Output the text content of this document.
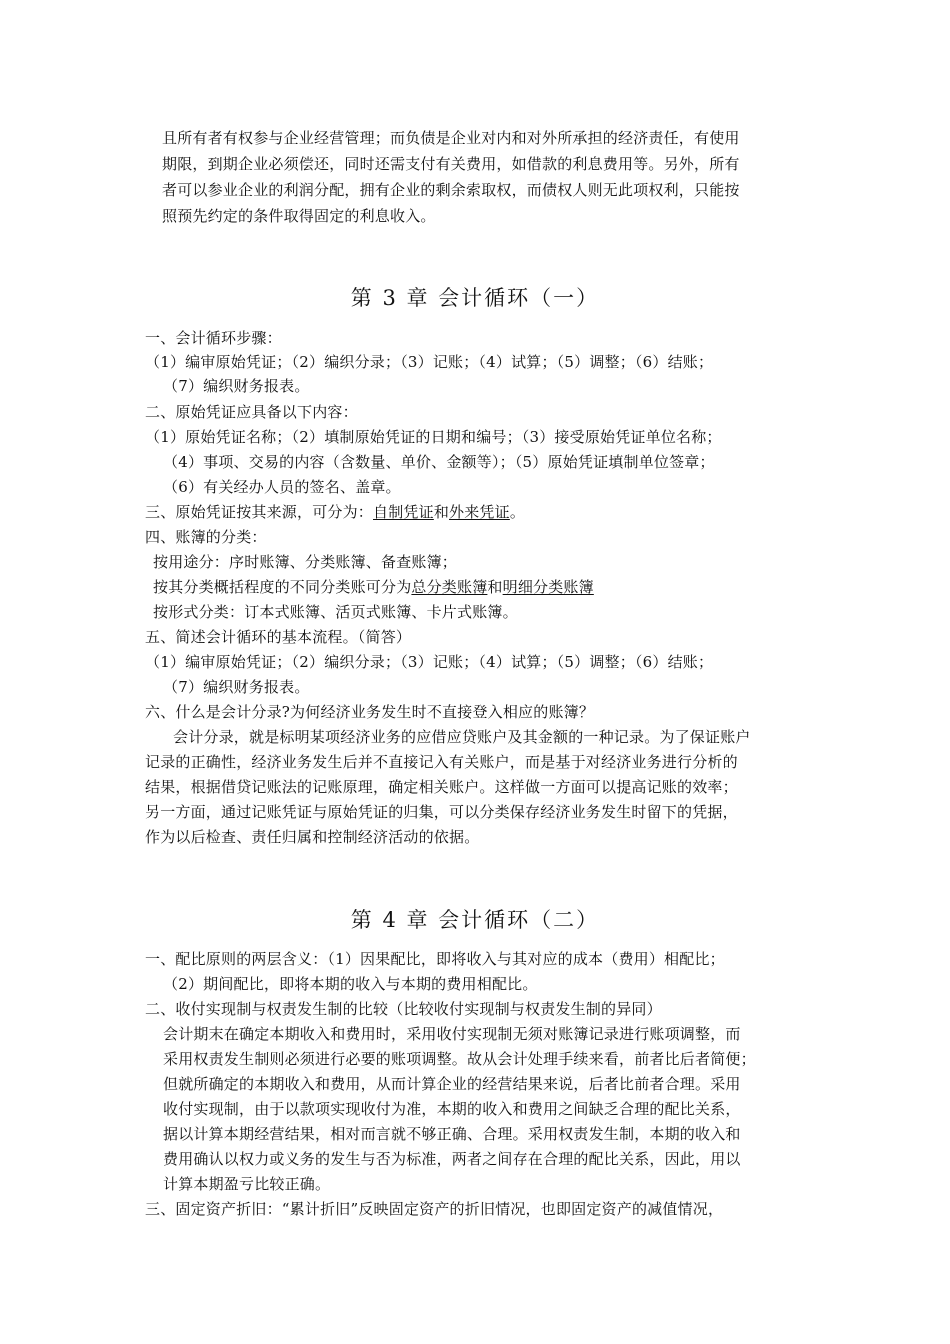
且所有者有权参与企业经营管理；而负债是企业对内和对外所承担的经济责任，有使用
期限，到期企业必须偿还，同时还需支付有关费用，如借款的利息费用等。另外，所有
者可以参业企业的利润分配，拥有企业的剩余索取权，而债权人则无此项权利，只能按
照预先约定的条件取得固定的利息收入。
第 3 章 会计循环（一）
一、会计循环步骤：
（1）编审原始凭证；（2）编织分录；（3）记账；（4）试算；（5）调整；（6）结账；
（7）编织财务报表。
二、原始凭证应具备以下内容：
（1）原始凭证名称；（2）填制原始凭证的日期和编号；（3）接受原始凭证单位名称；
（4）事项、交易的内容（含数量、单价、金额等）；（5）原始凭证填制单位签章；
（6）有关经办人员的签名、盖章。
三、原始凭证按其来源，可分为：自制凭证和外来凭证。
四、账簿的分类：
按用途分：序时账簿、分类账簿、备查账簿；
按其分类概括程度的不同分类账可分为总分类账簿和明细分类账簿
按形式分类：订本式账簿、活页式账簿、卡片式账簿。
五、简述会计循环的基本流程。（简答）
（1）编审原始凭证；（2）编织分录；（3）记账；（4）试算；（5）调整；（6）结账；
（7）编织财务报表。
六、什么是会计分录?为何经济业务发生时不直接登入相应的账簿？
会计分录，就是标明某项经济业务的应借应贷账户及其金额的一种记录。为了保证账户
记录的正确性，经济业务发生后并不直接记入有关账户，而是基于对经济业务进行分析的
结果，根据借贷记账法的记账原理，确定相关账户。这样做一方面可以提高记账的效率；
另一方面，通过记账凭证与原始凭证的归集，可以分类保存经济业务发生时留下的凭据，
作为以后检查、责任归属和控制经济活动的依据。
第 4 章 会计循环（二）
一、配比原则的两层含义：（1）因果配比，即将收入与其对应的成本（费用）相配比；
（2）期间配比，即将本期的收入与本期的费用相配比。
二、收付实现制与权责发生制的比较（比较收付实现制与权责发生制的异同）
会计期末在确定本期收入和费用时，采用收付实现制无须对账簿记录进行账项调整，而
采用权责发生制则必须进行必要的账项调整。故从会计处理手续来看，前者比后者简便；
但就所确定的本期收入和费用，从而计算企业的经营结果来说，后者比前者合理。采用
收付实现制，由于以款项实现收付为准，本期的收入和费用之间缺乏合理的配比关系，
据以计算本期经营结果，相对而言就不够正确、合理。采用权责发生制，本期的收入和
费用确认以权力或义务的发生与否为标准，两者之间存在合理的配比关系，因此，用以
计算本期盈亏比较正确。
三、固定资产折旧：“累计折旧”反映固定资产的折旧情况，也即固定资产的减值情况，
